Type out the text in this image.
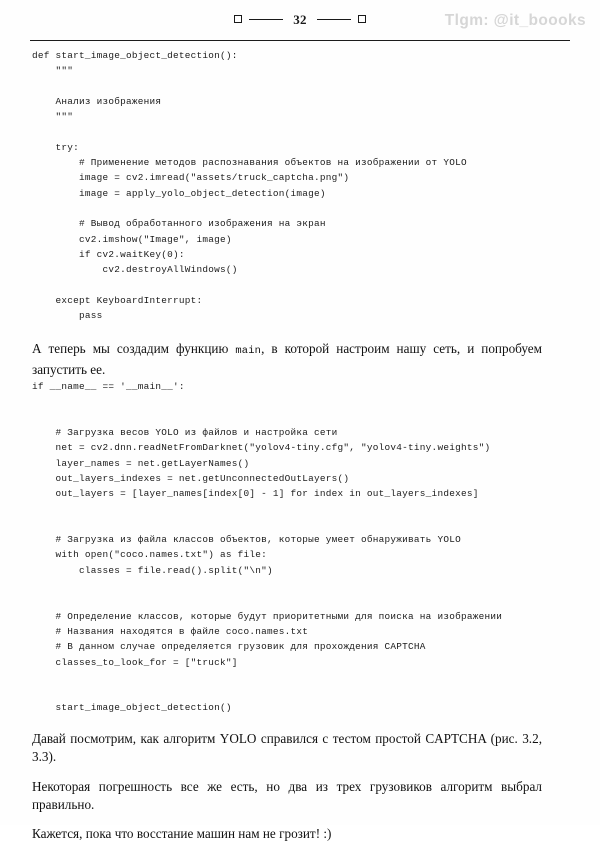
32	Tlgm: @it_boooks
def start_image_object_detection():
"""
Анализ изображения
"""
try:
# Применение методов распознавания объектов на изображении от YOLO
image = cv2.imread("assets/truck_captcha.png")
image = apply_yolo_object_detection(image)
# Вывод обработанного изображения на экран
cv2.imshow("Image", image)
if cv2.waitKey(0):
cv2.destroyAllWindows()
except KeyboardInterrupt:
pass

А теперь мы создадим функцию main, в которой настроим нашу сеть, и попробуем запустить ее.

if __name__ == '__main__':
# Загрузка весов YOLO из файлов и настройка сети
net = cv2.dnn.readNetFromDarknet("yolov4-tiny.cfg", "yolov4-tiny.weights")
layer_names = net.getLayerNames()
out_layers_indexes = net.getUnconnectedOutLayers()
out_layers = [layer_names[index[0] - 1] for index in out_layers_indexes]
# Загрузка из файла классов объектов, которые умеет обнаруживать YOLO
with open("coco.names.txt") as file:
classes = file.read().split("\n")
# Определение классов, которые будут приоритетными для поиска на изображении
# Названия находятся в файле coco.names.txt
# В данном случае определяется грузовик для прохождения CAPTCHA
classes_to_look_for = ["truck"]
start_image_object_detection()

Давай посмотрим, как алгоритм YOLO справился с тестом простой CAPTCHA (рис. 3.2, 3.3).

Некоторая погрешность все же есть, но два из трех грузовиков алгоритм выбрал правильно.

Кажется, пока что восстание машин нам не грозит! :)
